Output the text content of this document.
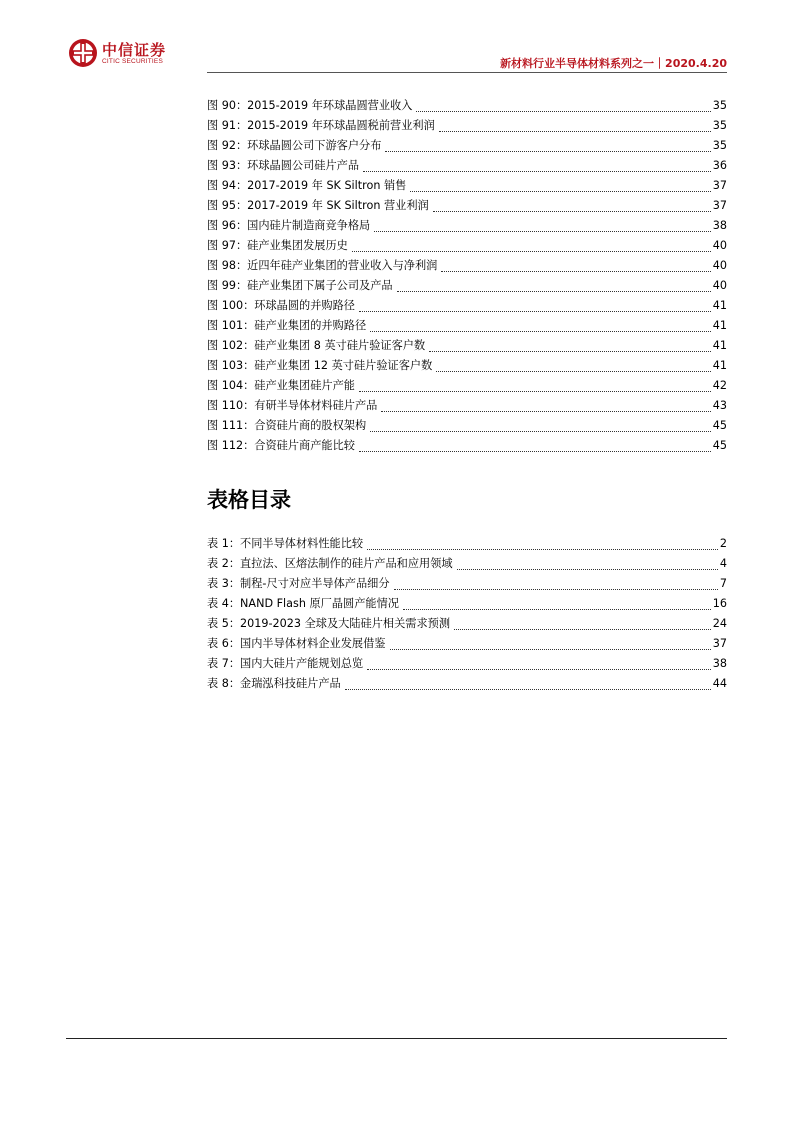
中信证券
CITIC SECURITIES	新材料行业半导体材料系列之一｜2020.4.20
图 90：2015-2019 年环球晶圆营业收入	35
图 91：2015-2019 年环球晶圆税前营业利润	35
图 92：环球晶圆公司下游客户分布	35
图 93：环球晶圆公司硅片产品	36
图 94：2017-2019 年 SK Siltron 销售	37
图 95：2017-2019 年 SK Siltron 营业利润	37
图 96：国内硅片制造商竞争格局	38
图 97：硅产业集团发展历史	40
图 98：近四年硅产业集团的营业收入与净利润	40
图 99：硅产业集团下属子公司及产品	40
图 100：环球晶圆的并购路径	41
图 101：硅产业集团的并购路径	41
图 102：硅产业集团 8 英寸硅片验证客户数	41
图 103：硅产业集团 12 英寸硅片验证客户数	41
图 104：硅产业集团硅片产能	42
图 110：有研半导体材料硅片产品	43
图 111：合资硅片商的股权架构	45
图 112：合资硅片商产能比较	45
表格目录
表 1：不同半导体材料性能比较	2
表 2：直拉法、区熔法制作的硅片产品和应用领域	4
表 3：制程-尺寸对应半导体产品细分	7
表 4：NAND Flash 原厂晶圆产能情况	16
表 5：2019-2023 全球及大陆硅片相关需求预测	24
表 6：国内半导体材料企业发展借鉴	37
表 7：国内大硅片产能规划总览	38
表 8：金瑞泓科技硅片产品	44
